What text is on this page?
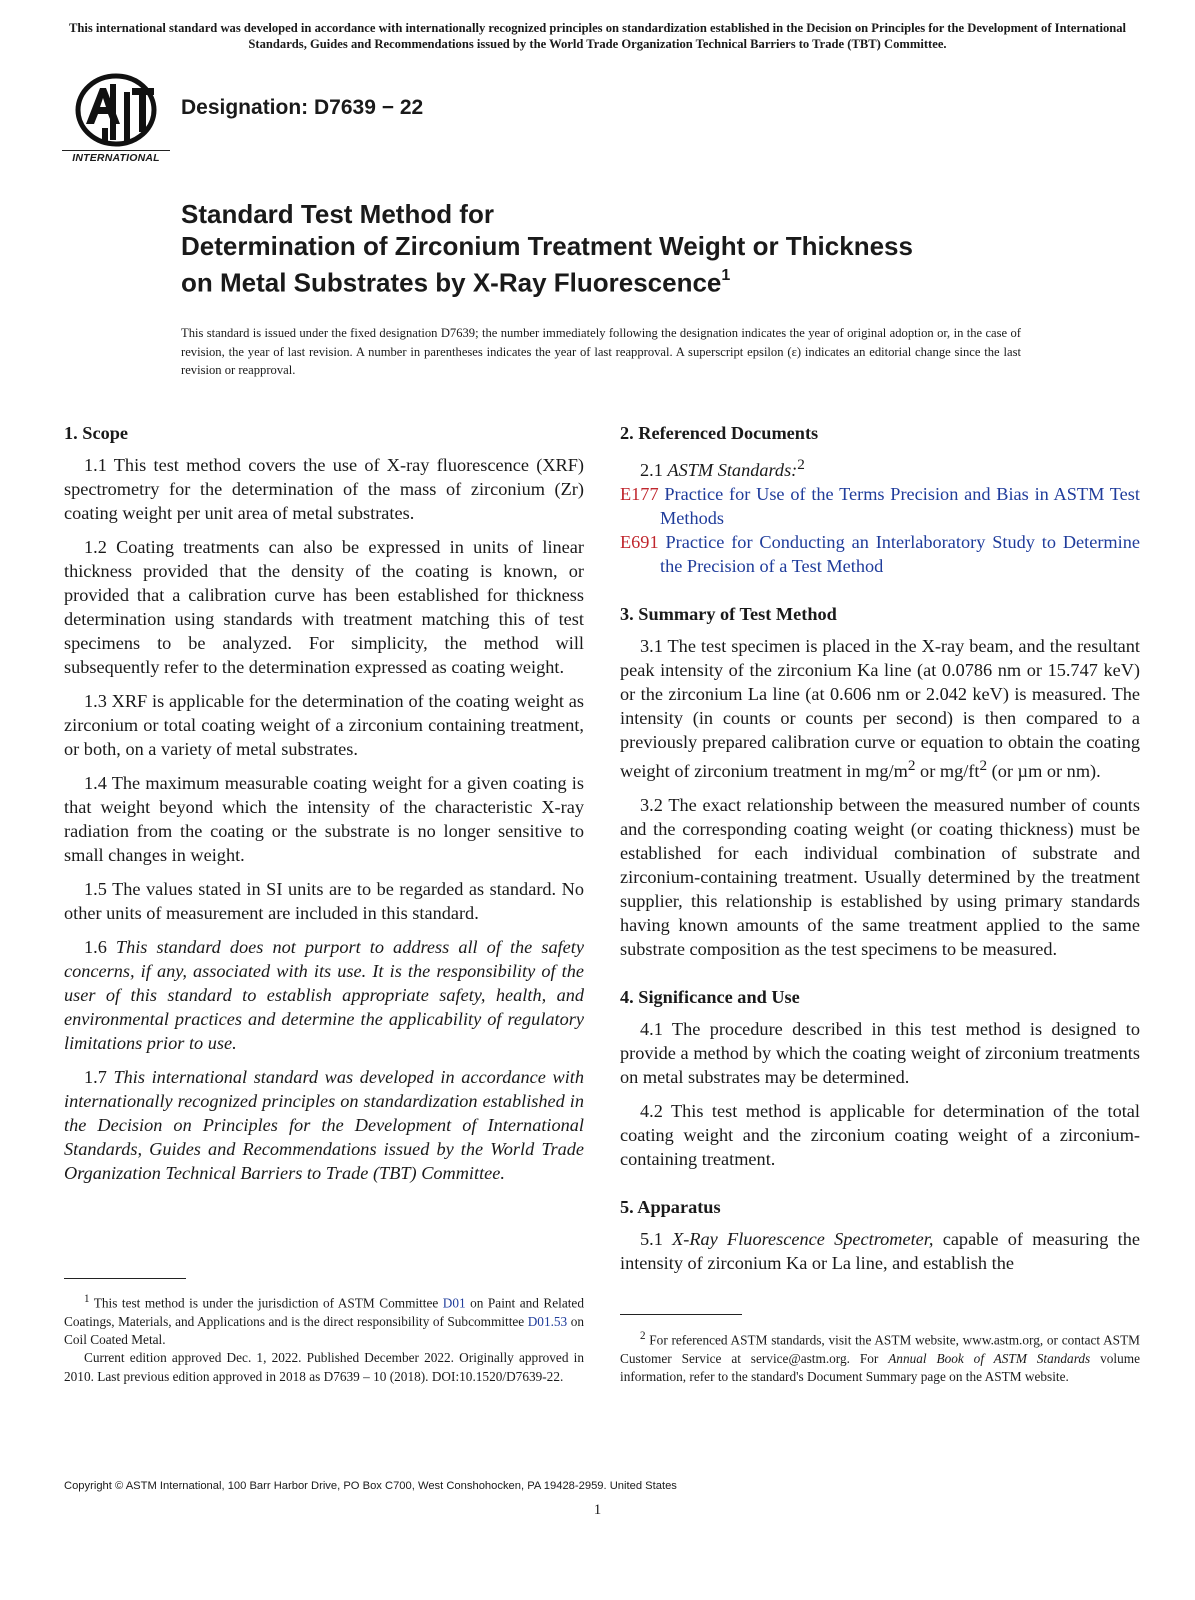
This international standard was developed in accordance with internationally recognized principles on standardization established in the Decision on Principles for the Development of International Standards, Guides and Recommendations issued by the World Trade Organization Technical Barriers to Trade (TBT) Committee.
INTERNATIONAL
Designation: D7639 − 22
Standard Test Method for
Determination of Zirconium Treatment Weight or Thickness
on Metal Substrates by X-Ray Fluorescence$^1$
This standard is issued under the fixed designation D7639; the number immediately following the designation indicates the year of original adoption or, in the case of revision, the year of last revision. A number in parentheses indicates the year of last reapproval. A superscript epsilon (ε) indicates an editorial change since the last revision or reapproval.
1. Scope

1.1 This test method covers the use of X-ray fluorescence (XRF) spectrometry for the determination of the mass of zirconium (Zr) coating weight per unit area of metal substrates.

1.2 Coating treatments can also be expressed in units of linear thickness provided that the density of the coating is known, or provided that a calibration curve has been established for thickness determination using standards with treatment matching this of test specimens to be analyzed. For simplicity, the method will subsequently refer to the determination expressed as coating weight.

1.3 XRF is applicable for the determination of the coating weight as zirconium or total coating weight of a zirconium containing treatment, or both, on a variety of metal substrates.

1.4 The maximum measurable coating weight for a given coating is that weight beyond which the intensity of the characteristic X-ray radiation from the coating or the substrate is no longer sensitive to small changes in weight.

1.5 The values stated in SI units are to be regarded as standard. No other units of measurement are included in this standard.

1.6 This standard does not purport to address all of the safety concerns, if any, associated with its use. It is the responsibility of the user of this standard to establish appropriate safety, health, and environmental practices and determine the applicability of regulatory limitations prior to use.

1.7 This international standard was developed in accordance with internationally recognized principles on standardization established in the Decision on Principles for the Development of International Standards, Guides and Recommendations issued by the World Trade Organization Technical Barriers to Trade (TBT) Committee.

2. Referenced Documents
2.1 ASTM Standards:$^2$
E177 Practice for Use of the Terms Precision and Bias in ASTM Test Methods
E691 Practice for Conducting an Interlaboratory Study to Determine the Precision of a Test Method
3. Summary of Test Method

3.1 The test specimen is placed in the X-ray beam, and the resultant peak intensity of the zirconium Ka line (at 0.0786 nm or 15.747 keV) or the zirconium La line (at 0.606 nm or 2.042 keV) is measured. The intensity (in counts or counts per second) is then compared to a previously prepared calibration curve or equation to obtain the coating weight of zirconium treatment in $mg/m^2$ or $mg/ft^2$ (or µm or nm).

3.2 The exact relationship between the measured number of counts and the corresponding coating weight (or coating thickness) must be established for each individual combination of substrate and zirconium-containing treatment. Usually determined by the treatment supplier, this relationship is established by using primary standards having known amounts of the same treatment applied to the same substrate composition as the test specimens to be measured.

4. Significance and Use

4.1 The procedure described in this test method is designed to provide a method by which the coating weight of zirconium treatments on metal substrates may be determined.

4.2 This test method is applicable for determination of the total coating weight and the zirconium coating weight of a zirconium-containing treatment.

5. Apparatus

5.1 X-Ray Fluorescence Spectrometer, capable of measuring the intensity of zirconium Ka or La line, and establish the

$^1$ This test method is under the jurisdiction of ASTM Committee D01 on Paint and Related Coatings, Materials, and Applications and is the direct responsibility of Subcommittee D01.53 on Coil Coated Metal.

Current edition approved Dec. 1, 2022. Published December 2022. Originally approved in 2010. Last previous edition approved in 2018 as D7639 – 10 (2018). DOI:10.1520/D7639-22.

$^2$ For referenced ASTM standards, visit the ASTM website, www.astm.org, or contact ASTM Customer Service at service@astm.org. For Annual Book of ASTM Standards volume information, refer to the standard's Document Summary page on the ASTM website.

Copyright © ASTM International, 100 Barr Harbor Drive, PO Box C700, West Conshohocken, PA 19428-2959. United States
1
